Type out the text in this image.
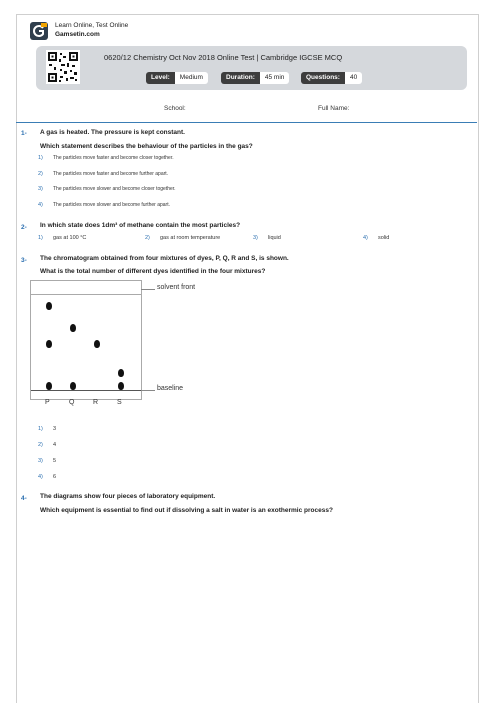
Learn Online, Test Online
Gamsetin.com
0620/12 Chemistry Oct Nov 2018 Online Test | Cambridge IGCSE MCQ
Level:	Medium	Duration:	45 min	Questions:	40
School:	Full Name:
1- A gas is heated. The pressure is kept constant.
Which statement describes the behaviour of the particles in the gas?
1) The particles move faster and become closer together.
2) The particles move faster and become further apart.
3) The particles move slower and become closer together.
4) The particles move slower and become further apart.
2- In which state does 1dm³ of methane contain the most particles?
1) gas at 100 °C	2) gas at room temperature	3) liquid	4) solid
3- The chromatogram obtained from four mixtures of dyes, P, Q, R and S, is shown.
What is the total number of different dyes identified in the four mixtures?
solvent front
baseline
P	Q	R	S
1) 3
2) 4
3) 5
4) 6
4- The diagrams show four pieces of laboratory equipment.
Which equipment is essential to find out if dissolving a salt in water is an exothermic process?
